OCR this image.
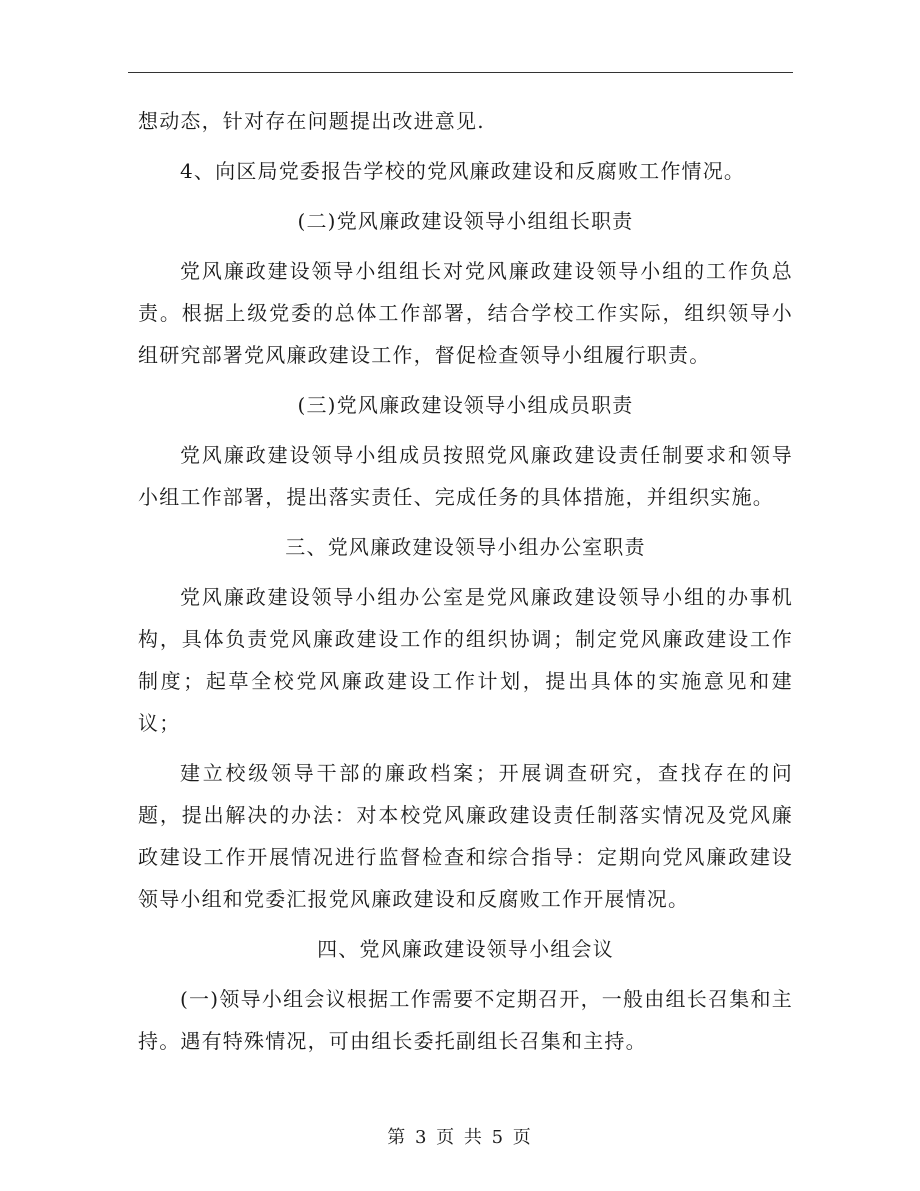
想动态，针对存在问题提出改进意见.

4、向区局党委报告学校的党风廉政建设和反腐败工作情况。

(二)党风廉政建设领导小组组长职责

党风廉政建设领导小组组长对党风廉政建设领导小组的工作负总责。根据上级党委的总体工作部署，结合学校工作实际，组织领导小组研究部署党风廉政建设工作，督促检查领导小组履行职责。

(三)党风廉政建设领导小组成员职责

党风廉政建设领导小组成员按照党风廉政建设责任制要求和领导小组工作部署，提出落实责任、完成任务的具体措施，并组织实施。

三、党风廉政建设领导小组办公室职责

党风廉政建设领导小组办公室是党风廉政建设领导小组的办事机构，具体负责党风廉政建设工作的组织协调；制定党风廉政建设工作制度；起草全校党风廉政建设工作计划，提出具体的实施意见和建议；

建立校级领导干部的廉政档案；开展调查研究，查找存在的问题，提出解决的办法：对本校党风廉政建设责任制落实情况及党风廉政建设工作开展情况进行监督检查和综合指导：定期向党风廉政建设领导小组和党委汇报党风廉政建设和反腐败工作开展情况。

四、党风廉政建设领导小组会议

(一)领导小组会议根据工作需要不定期召开，一般由组长召集和主持。遇有特殊情况，可由组长委托副组长召集和主持。

第 3 页 共 5 页
